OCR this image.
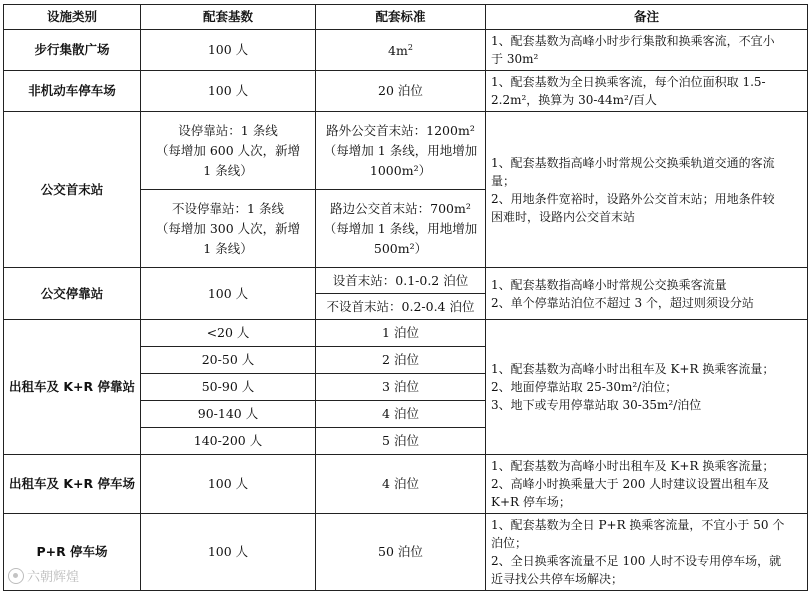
设施类别	配套基数	配套标准	备注
步行集散广场	100 人	$4m^2$	1、配套基数为高峰小时步行集散和换乘客流，不宜小
于 30m²

非机动车停车场	100 人	20 泊位	1、配套基数为全日换乘客流，每个泊位面积取 1.5-
2.2m²，换算为 30-44m²/百人

公交首末站	设停靠站：1 条线
（每增加 600 人次，新增
1 条线）	路外公交首末站：1200m²
（每增加 1 条线，用地增加
1000m²）	1、配套基数指高峰小时常规公交换乘轨道交通的客流
量；
2、用地条件宽裕时，设路外公交首末站；用地条件较
困难时，设路内公交首末站

	不设停靠站：1 条线
（每增加 300 人次，新增
1 条线）	路边公交首末站：700m²
（每增加 1 条线，用地增加
500m²）	

公交停靠站	100 人	设首末站：0.1-0.2 泊位	1、配套基数指高峰小时常规公交换乘客流量
2、单个停靠站泊位不超过 3 个，超过则须设分站

		不设首末站：0.2-0.4 泊位	
出租车及 K+R 停靠站	<20 人	1 泊位	1、配套基数为高峰小时出租车及 K+R 换乘客流量；
2、地面停靠站取 25-30m²/泊位；
3、地下或专用停靠站取 30-35m²/泊位

	20-50 人	2 泊位	
	50-90 人	3 泊位	
	90-140 人	4 泊位	
	140-200 人	5 泊位	
出租车及 K+R 停车场	100 人	4 泊位	1、配套基数为高峰小时出租车及 K+R 换乘客流量；
2、高峰小时换乘量大于 200 人时建议设置出租车及
K+R 停车场；

P+R 停车场	100 人	50 泊位	1、配套基数为全日 P+R 换乘客流量，不宜小于 50 个
泊位；
2、全日换乘客流量不足 100 人时不设专用停车场，就
近寻找公共停车场解决；
六朝辉煌
